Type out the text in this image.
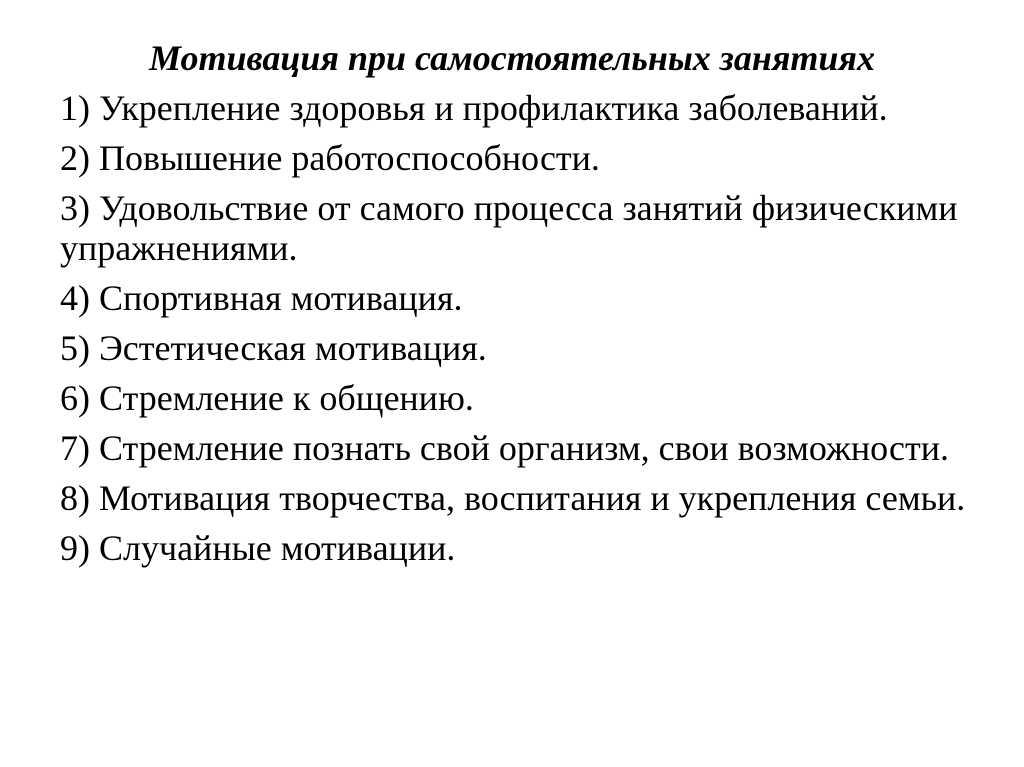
Мотивация при самостоятельных занятиях
1) Укрепление здоровья и профилактика заболеваний.
2) Повышение работоспособности.
3) Удовольствие от самого процесса занятий физическими упражнениями.
4) Спортивная мотивация.
5) Эстетическая мотивация.
6) Стремление к общению.
7) Стремление познать свой организм, свои возможности.
8) Мотивация творчества, воспитания и укрепления семьи.
9) Случайные мотивации.
